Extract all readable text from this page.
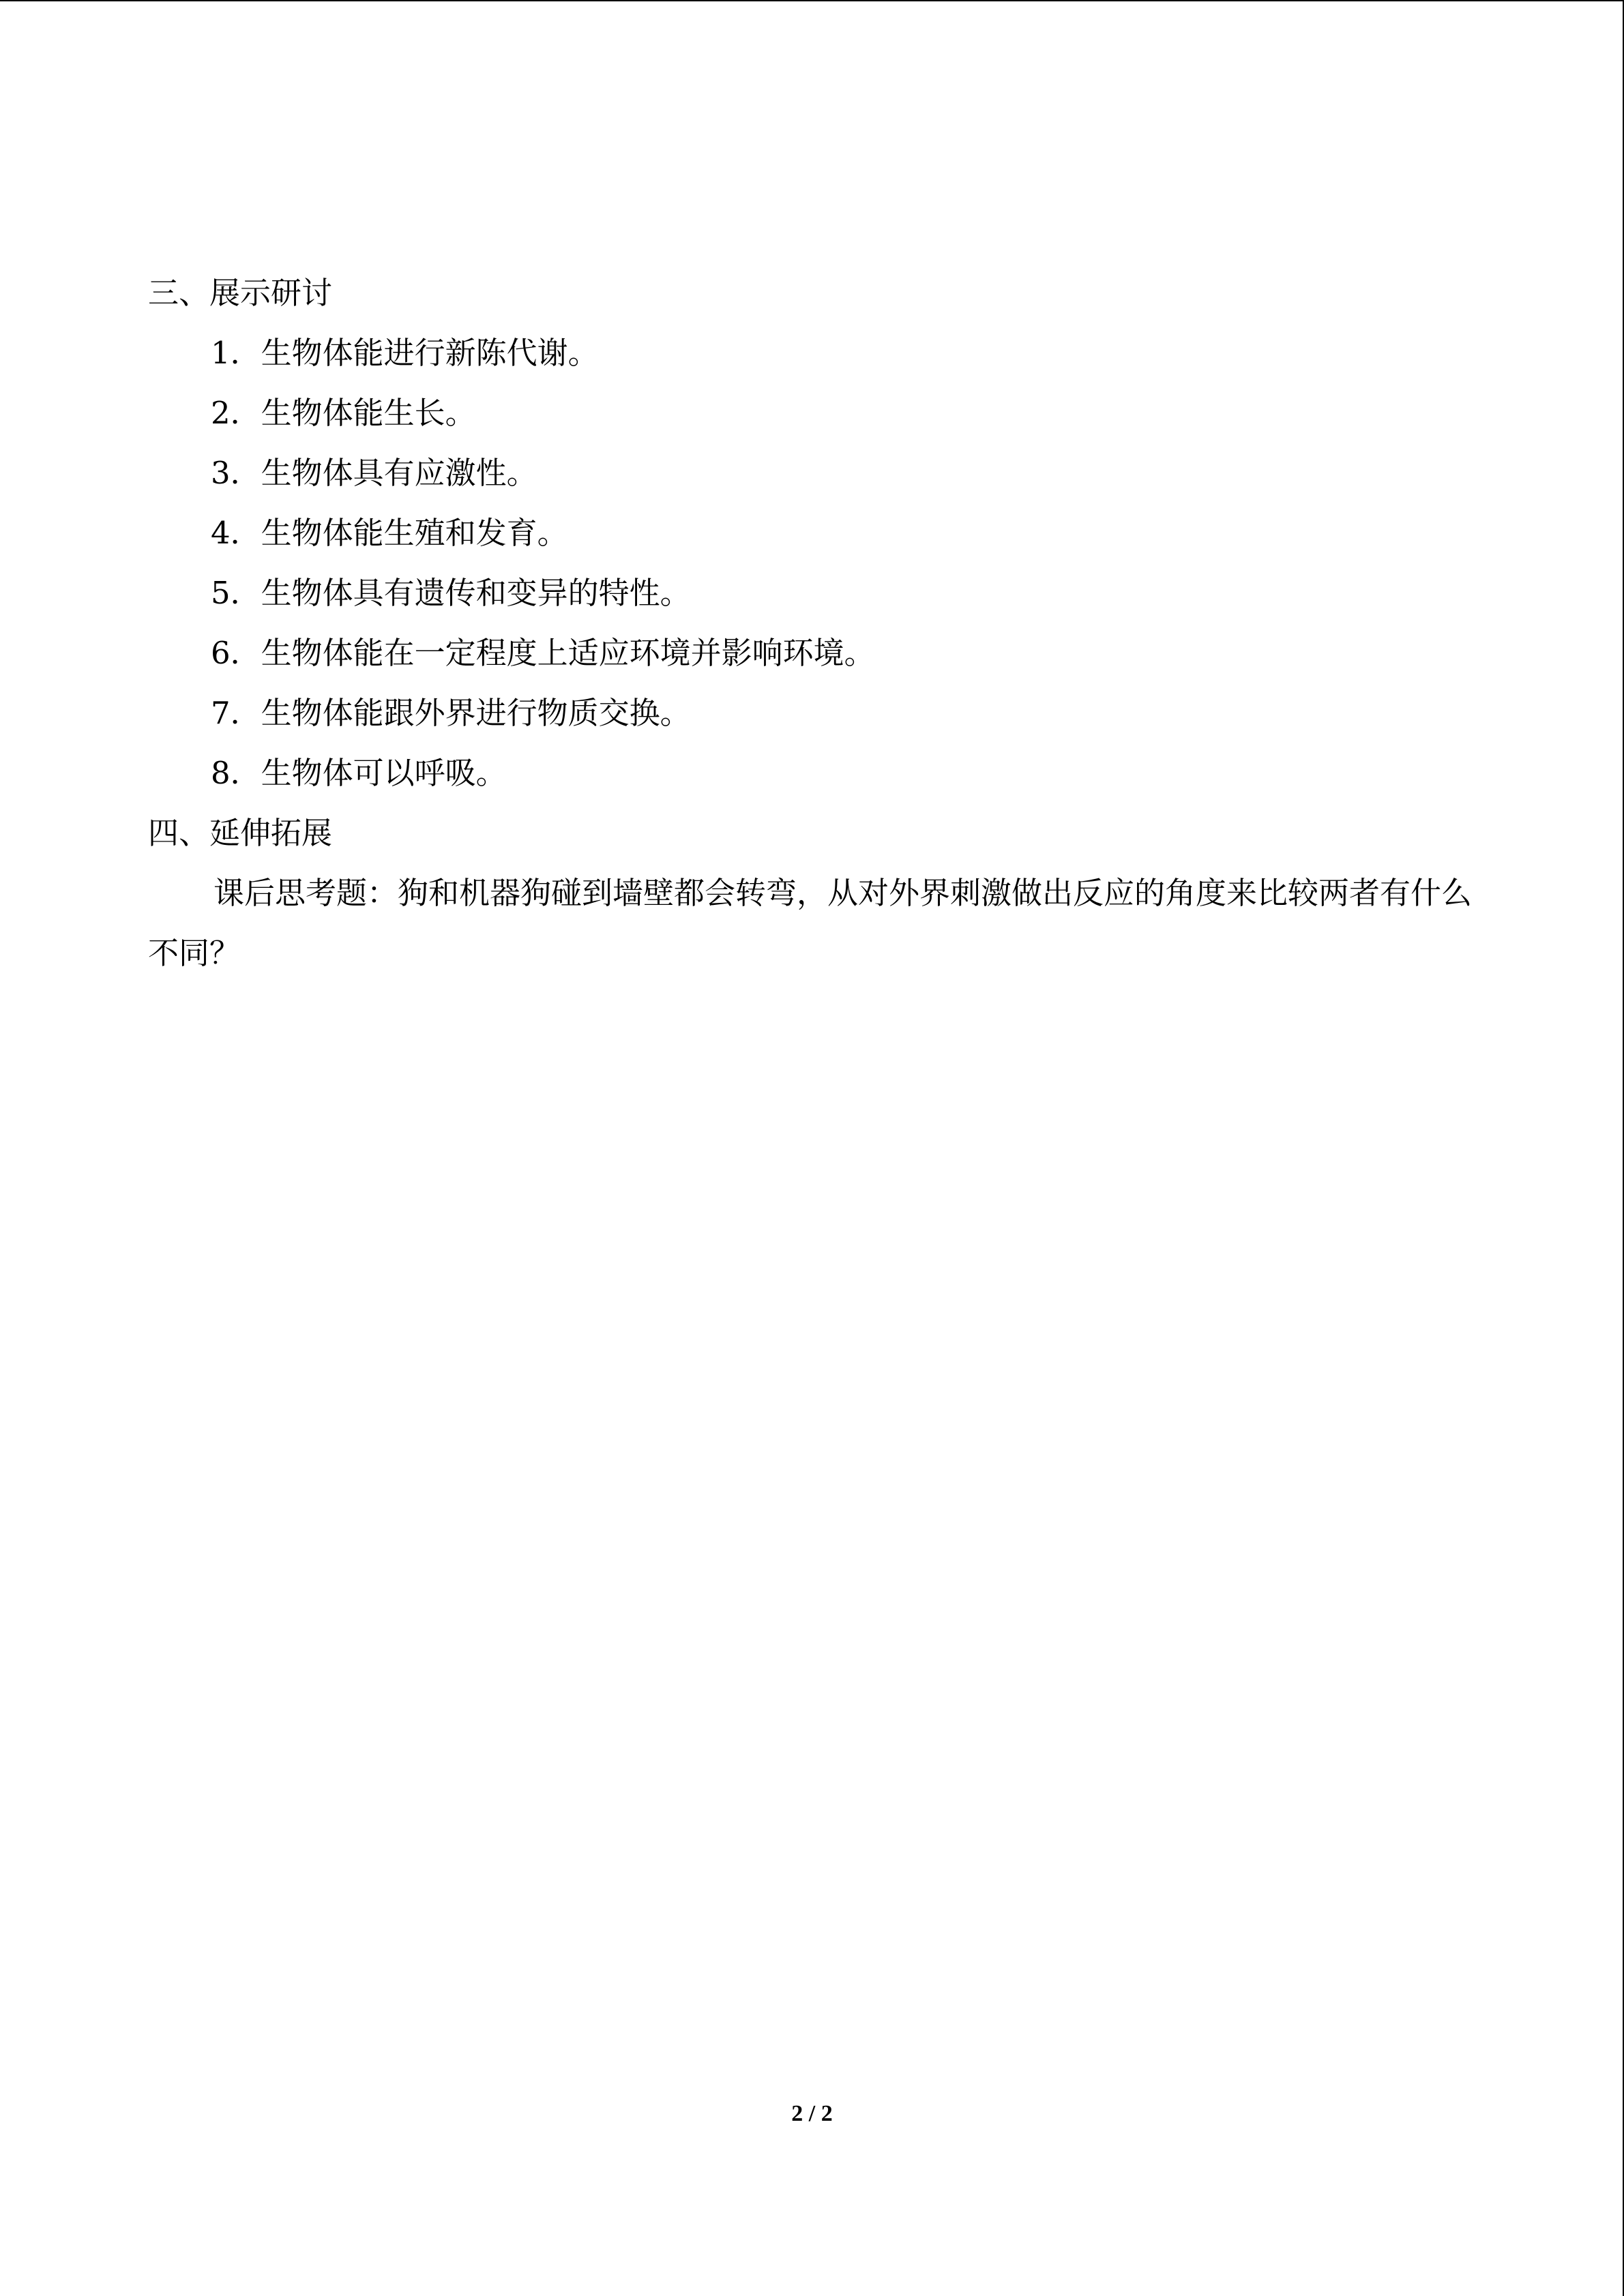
三、展示研讨
1．生物体能进行新陈代谢。
2．生物体能生长。
3．生物体具有应激性。
4．生物体能生殖和发育。
5．生物体具有遗传和变异的特性。
6．生物体能在一定程度上适应环境并影响环境。
7．生物体能跟外界进行物质交换。
8．生物体可以呼吸。
四、延伸拓展
课后思考题：狗和机器狗碰到墙壁都会转弯，从对外界刺激做出反应的角度来比较两者有什么不同？
2 / 2
